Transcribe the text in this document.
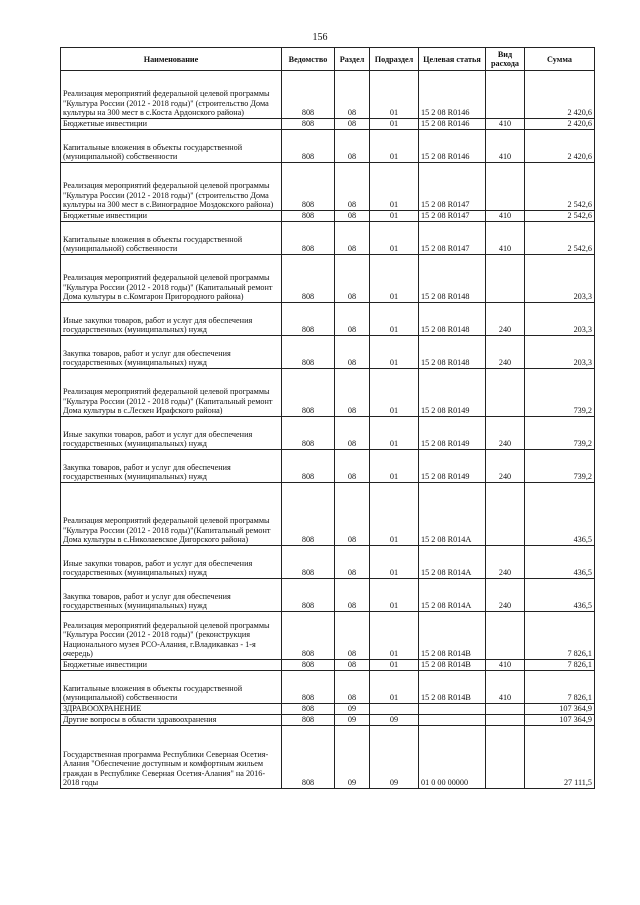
156
Наименование	Ведомство	Раздел	Подраздел	Целевая статья	Вид расхода	Сумма
Реализация мероприятий федеральной целевой программы "Культура России (2012 - 2018 годы)" (строительство Дома культуры на 300 мест в с.Коста Ардонского района)	808	08	01	15 2 08 R0146		2 420,6
Бюджетные инвестиции	808	08	01	15 2 08 R0146	410	2 420,6
Капитальные вложения в объекты государственной (муниципальной) собственности	808	08	01	15 2 08 R0146	410	2 420,6
Реализация мероприятий федеральной целевой программы "Культура России (2012 - 2018 годы)" (строительство Дома культуры на 300 мест в с.Виноградное Моздокского района)	808	08	01	15 2 08 R0147		2 542,6
Бюджетные инвестиции	808	08	01	15 2 08 R0147	410	2 542,6
Капитальные вложения в объекты государственной (муниципальной) собственности	808	08	01	15 2 08 R0147	410	2 542,6
Реализация мероприятий федеральной целевой программы "Культура России (2012 - 2018 годы)" (Капитальный ремонт Дома культуры в с.Комгарон Пригородного района)	808	08	01	15 2 08 R0148		203,3
Иные закупки товаров, работ и услуг для обеспечения государственных (муниципальных) нужд	808	08	01	15 2 08 R0148	240	203,3
Закупка товаров, работ и услуг для обеспечения государственных (муниципальных) нужд	808	08	01	15 2 08 R0148	240	203,3
Реализация мероприятий федеральной целевой программы "Культура России (2012 - 2018 годы)" (Капитальный ремонт Дома культуры в с.Лескен Ирафского района)	808	08	01	15 2 08 R0149		739,2
Иные закупки товаров, работ и услуг для обеспечения государственных (муниципальных) нужд	808	08	01	15 2 08 R0149	240	739,2
Закупка товаров, работ и услуг для обеспечения государственных (муниципальных) нужд	808	08	01	15 2 08 R0149	240	739,2
Реализация мероприятий федеральной целевой программы "Культура России (2012 - 2018 годы)"(Капитальный ремонт Дома культуры в с.Николаевское Дигорского района)	808	08	01	15 2 08 R014A		436,5
Иные закупки товаров, работ и услуг для обеспечения государственных (муниципальных) нужд	808	08	01	15 2 08 R014A	240	436,5
Закупка товаров, работ и услуг для обеспечения государственных (муниципальных) нужд	808	08	01	15 2 08 R014A	240	436,5
Реализация мероприятий федеральной целевой программы "Культура России (2012 - 2018 годы)" (реконструкция Национального музея РСО-Алания, г.Владикавказ - 1-я очередь)	808	08	01	15 2 08 R014B		7 826,1
Бюджетные инвестиции	808	08	01	15 2 08 R014B	410	7 826,1
Капитальные вложения в объекты государственной (муниципальной) собственности	808	08	01	15 2 08 R014B	410	7 826,1
ЗДРАВООХРАНЕНИЕ	808	09				107 364,9
Другие вопросы в области здравоохранения	808	09	09			107 364,9
Государственная программа Республики Северная Осетия-Алания "Обеспечение доступным и комфортным жильем граждан в Республике Северная Осетия-Алания" на 2016-2018 годы	808	09	09	01 0 00 00000		27 111,5
